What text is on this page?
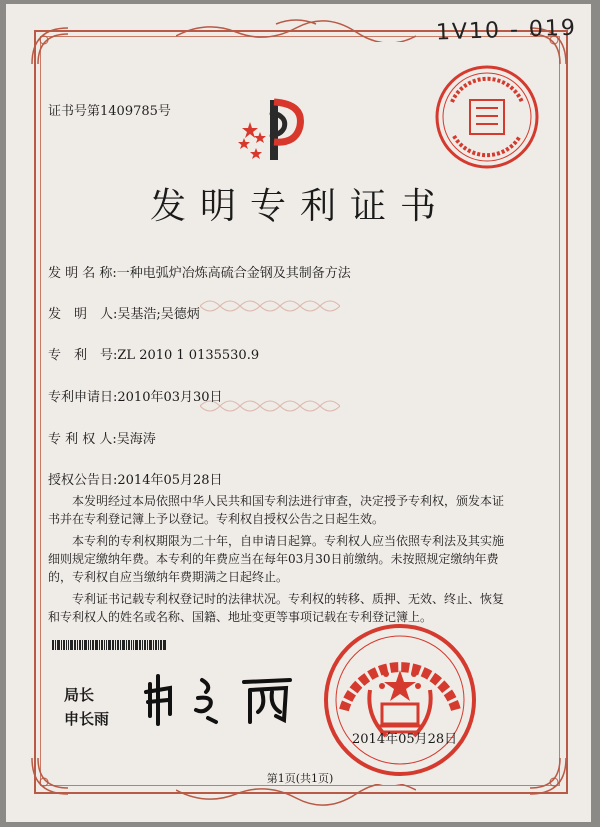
1V10 - 019
证书号第1409785号
发明专利证书
发 明 名 称:一种电弧炉冶炼高硫合金钢及其制备方法
发　明　人:吴基浩;吴德炳
专　利　号:ZL 2010 1 0135530.9
专利申请日:2010年03月30日
专 利 权 人:吴海涛
授权公告日:2014年05月28日
本发明经过本局依照中华人民共和国专利法进行审查，决定授予专利权，颁发本证书并在专利登记簿上予以登记。专利权自授权公告之日起生效。
本专利的专利权期限为二十年，自申请日起算。专利权人应当依照专利法及其实施细则规定缴纳年费。本专利的年费应当在每年03月30日前缴纳。未按照规定缴纳年费的，专利权自应当缴纳年费期满之日起终止。
专利证书记载专利权登记时的法律状况。专利权的转移、质押、无效、终止、恢复和专利权人的姓名或名称、国籍、地址变更等事项记载在专利登记簿上。
局长
申长雨
2014年05月28日
第1页(共1页)
